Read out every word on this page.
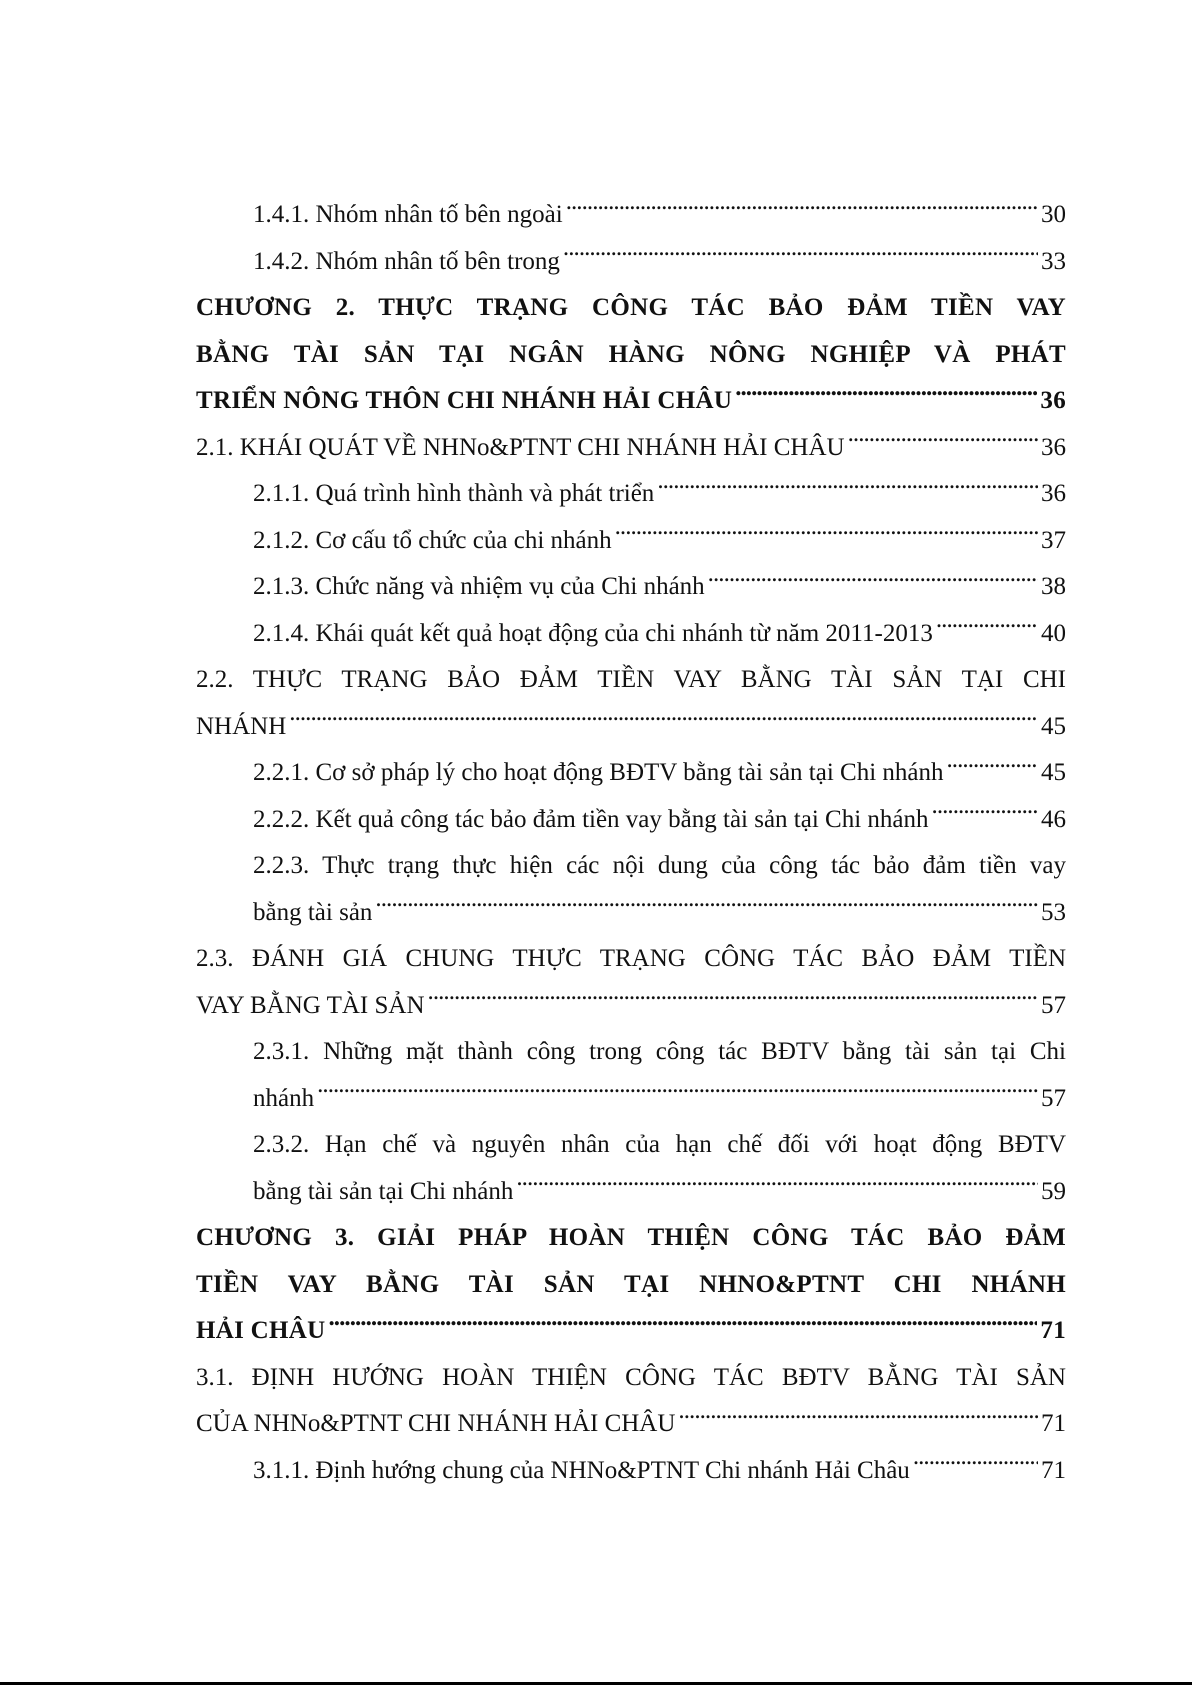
1.4.1. Nhóm nhân tố bên ngoài . . .	30
1.4.2. Nhóm nhân tố bên trong . . .	33
CHƯƠNG 2. THỰC TRẠNG CÔNG TÁC BẢO ĐẢM TIỀN VAY
BẰNG TÀI SẢN TẠI NGÂN HÀNG NÔNG NGHIỆP VÀ PHÁT
TRIỂN NÔNG THÔN CHI NHÁNH HẢI CHÂU . . .	36
2.1. KHÁI QUÁT VỀ NHNo&PTNT CHI NHÁNH HẢI CHÂU . . .	36
2.1.1. Quá trình hình thành và phát triển . . .	36
2.1.2. Cơ cấu tổ chức của chi nhánh . . .	37
2.1.3. Chức năng và nhiệm vụ của Chi nhánh . . .	38
2.1.4. Khái quát kết quả hoạt động của chi nhánh từ năm 2011-2013 . . .	40
2.2. THỰC TRẠNG BẢO ĐẢM TIỀN VAY BẰNG TÀI SẢN TẠI CHI
NHÁNH . . .	45
2.2.1. Cơ sở pháp lý cho hoạt động BĐTV bằng tài sản tại Chi nhánh . . .	45
2.2.2. Kết quả công tác bảo đảm tiền vay bằng tài sản tại Chi nhánh . . .	46
2.2.3. Thực trạng thực hiện các nội dung của công tác bảo đảm tiền vay
bằng tài sản . . .	53
2.3. ĐÁNH GIÁ CHUNG THỰC TRẠNG CÔNG TÁC BẢO ĐẢM TIỀN
VAY BẰNG TÀI SẢN . . .	57
2.3.1. Những mặt thành công trong công tác BĐTV bằng tài sản tại Chi
nhánh . . .	57
2.3.2. Hạn chế và nguyên nhân của hạn chế đối với hoạt động BĐTV
bằng tài sản tại Chi nhánh . . .	59
CHƯƠNG 3. GIẢI PHÁP HOÀN THIỆN CÔNG TÁC BẢO ĐẢM
TIỀN VAY BẰNG TÀI SẢN TẠI NHNO&PTNT CHI NHÁNH
HẢI CHÂU . . .	71
3.1. ĐỊNH HƯỚNG HOÀN THIỆN CÔNG TÁC BĐTV BẰNG TÀI SẢN
CỦA NHNo&PTNT CHI NHÁNH HẢI CHÂU . . .	71
3.1.1. Định hướng chung của NHNo&PTNT Chi nhánh Hải Châu . . .	71
